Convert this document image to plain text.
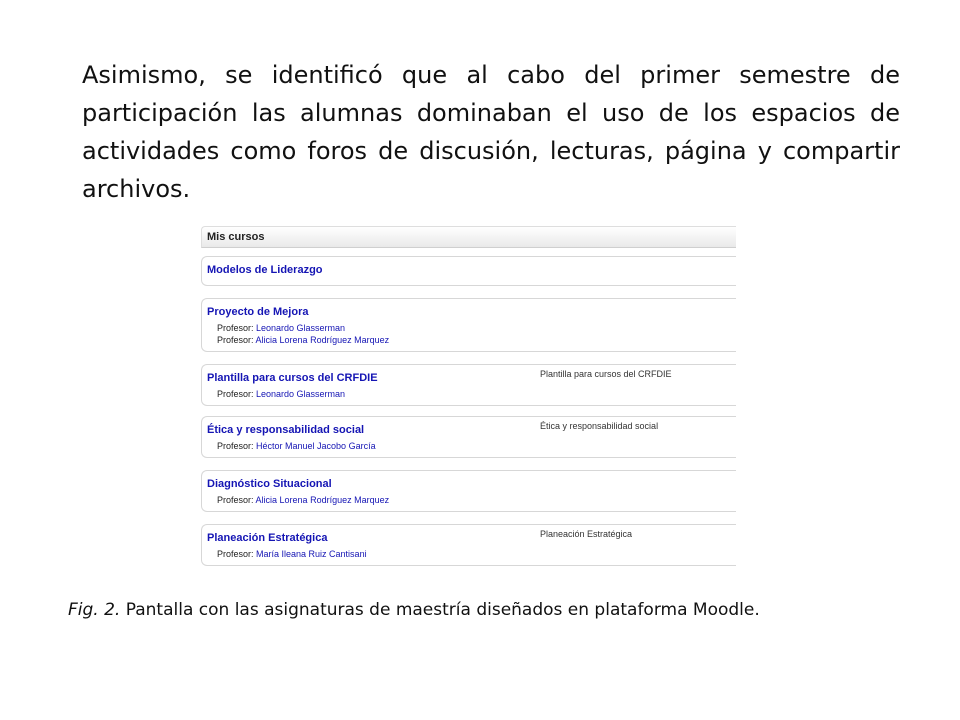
Asimismo, se identificó que al cabo del primer semestre de participación las alumnas dominaban el uso de los espacios de actividades como foros de discusión, lecturas, página y compartir archivos.
Mis cursos
Modelos de Liderazgo
Proyecto de Mejora
Profesor: Leonardo Glasserman
Profesor: Alicia Lorena Rodríguez Marquez
Plantilla para cursos del CRFDIE	Plantilla para cursos del CRFDIE
Profesor: Leonardo Glasserman
Ética y responsabilidad social	Ética y responsabilidad social
Profesor: Héctor Manuel Jacobo García
Diagnóstico Situacional
Profesor: Alicia Lorena Rodríguez Marquez
Planeación Estratégica	Planeación Estratégica
Profesor: María Ileana Ruiz Cantisani
Fig. 2. Pantalla con las asignaturas de maestría diseñados en plataforma Moodle.
